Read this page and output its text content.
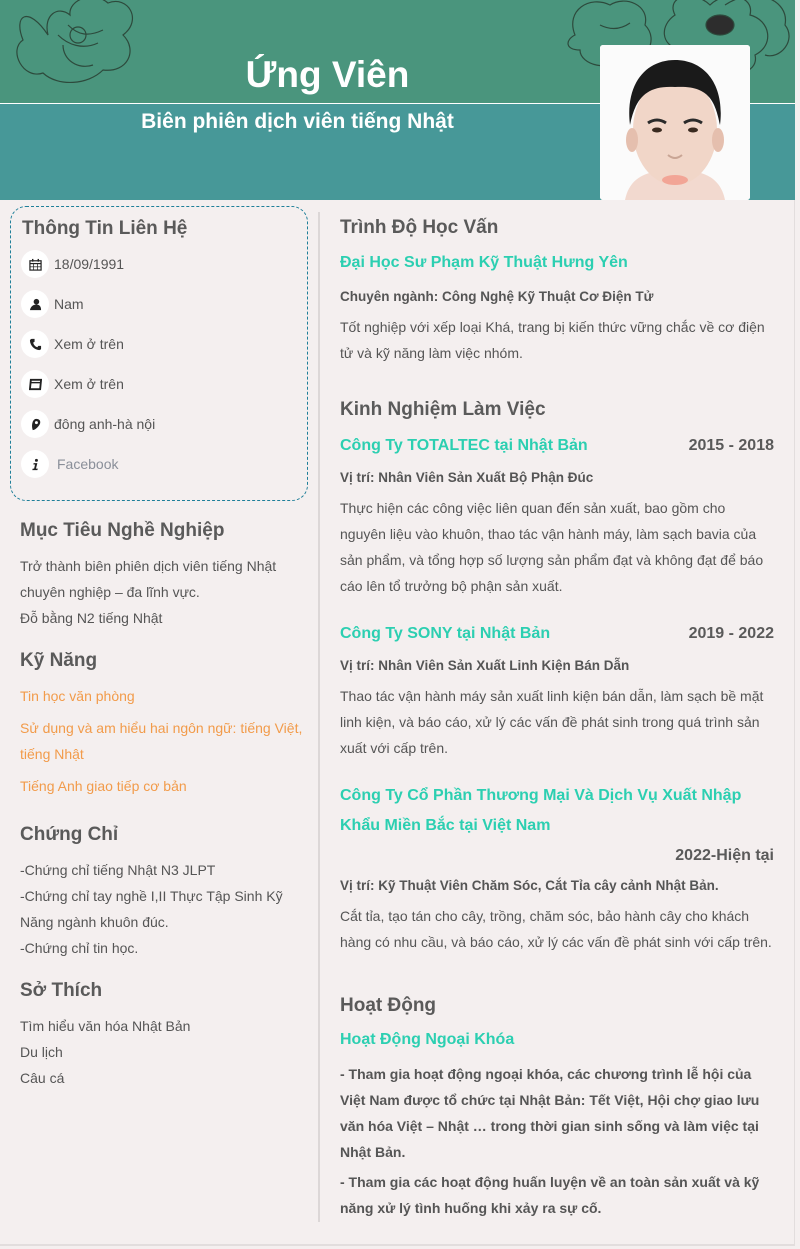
Ứng Viên
Biên phiên dịch viên tiếng Nhật
Thông Tin Liên Hệ
18/09/1991
Nam
Xem ở trên
Xem ở trên
đông anh-hà nội
Facebook
Mục Tiêu Nghề Nghiệp
Trở thành biên phiên dịch viên tiếng Nhật chuyên nghiệp – đa lĩnh vực.
Đỗ bằng N2 tiếng Nhật
Kỹ Năng
Tin học văn phòng
Sử dụng và am hiểu hai ngôn ngữ: tiếng Việt, tiếng Nhật
Tiếng Anh giao tiếp cơ bản
Chứng Chỉ
-Chứng chỉ tiếng Nhật N3 JLPT
-Chứng chỉ tay nghề I,II Thực Tập Sinh Kỹ Năng ngành khuôn đúc.
-Chứng chỉ tin học.
Sở Thích
Tìm hiểu văn hóa Nhật Bản
Du lịch
Câu cá
Trình Độ Học Vấn
Đại Học Sư Phạm Kỹ Thuật Hưng Yên
Chuyên ngành: Công Nghệ Kỹ Thuật Cơ Điện Tử
Tốt nghiệp với xếp loại Khá, trang bị kiến thức vững chắc về cơ điện tử và kỹ năng làm việc nhóm.
Kinh Nghiệm Làm Việc
Công Ty TOTALTEC tại Nhật Bản	2015 - 2018
Vị trí: Nhân Viên Sản Xuất Bộ Phận Đúc
Thực hiện các công việc liên quan đến sản xuất, bao gồm cho nguyên liệu vào khuôn, thao tác vận hành máy, làm sạch bavia của sản phẩm, và tổng hợp số lượng sản phẩm đạt và không đạt để báo cáo lên tổ trưởng bộ phận sản xuất.
Công Ty SONY tại Nhật Bản	2019 - 2022
Vị trí: Nhân Viên Sản Xuất Linh Kiện Bán Dẫn
Thao tác vận hành máy sản xuất linh kiện bán dẫn, làm sạch bề mặt linh kiện, và báo cáo, xử lý các vấn đề phát sinh trong quá trình sản xuất với cấp trên.
Công Ty Cổ Phần Thương Mại Và Dịch Vụ Xuất Nhập Khẩu Miền Bắc tại Việt Nam
2022-Hiện tại
Vị trí: Kỹ Thuật Viên Chăm Sóc, Cắt Tỉa cây cảnh Nhật Bản.
Cắt tỉa, tạo tán cho cây, trồng, chăm sóc, bảo hành cây cho khách hàng có nhu cầu, và báo cáo, xử lý các vấn đề phát sinh với cấp trên.
Hoạt Động
Hoạt Động Ngoại Khóa
- Tham gia hoạt động ngoại khóa, các chương trình lễ hội của Việt Nam được tổ chức tại Nhật Bản: Tết Việt, Hội chợ giao lưu văn hóa Việt – Nhật … trong thời gian sinh sống và làm việc tại Nhật Bản.
- Tham gia các hoạt động huấn luyện về an toàn sản xuất và kỹ năng xử lý tình huống khi xảy ra sự cố.
